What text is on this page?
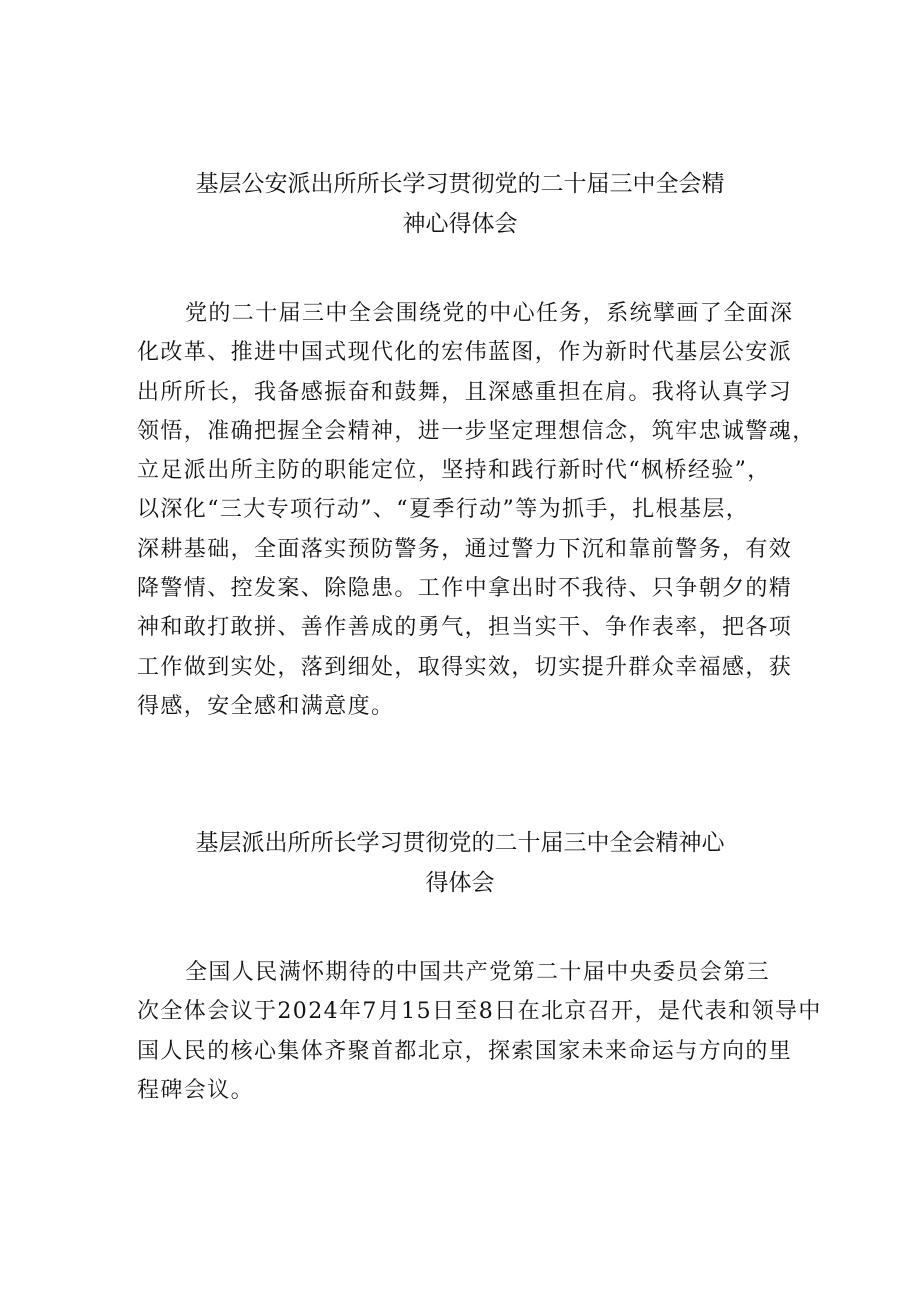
基层公安派出所所长学习贯彻党的二十届三中全会精
神心得体会

党的二十届三中全会围绕党的中心任务，系统擘画了全面深
化改革、推进中国式现代化的宏伟蓝图，作为新时代基层公安派
出所所长，我备感振奋和鼓舞，且深感重担在肩。我将认真学习
领悟，准确把握全会精神，进一步坚定理想信念，筑牢忠诚警魂，
立足派出所主防的职能定位，坚持和践行新时代“枫桥经验”，
以深化“三大专项行动”、“夏季行动”等为抓手，扎根基层，
深耕基础，全面落实预防警务，通过警力下沉和靠前警务，有效
降警情、控发案、除隐患。工作中拿出时不我待、只争朝夕的精
神和敢打敢拼、善作善成的勇气，担当实干、争作表率，把各项
工作做到实处，落到细处，取得实效，切实提升群众幸福感，获
得感，安全感和满意度。

基层派出所所长学习贯彻党的二十届三中全会精神心
得体会

全国人民满怀期待的中国共产党第二十届中央委员会第三
次全体会议于2024年7月15日至8日在北京召开，是代表和领导中
国人民的核心集体齐聚首都北京，探索国家未来命运与方向的里
程碑会议。
